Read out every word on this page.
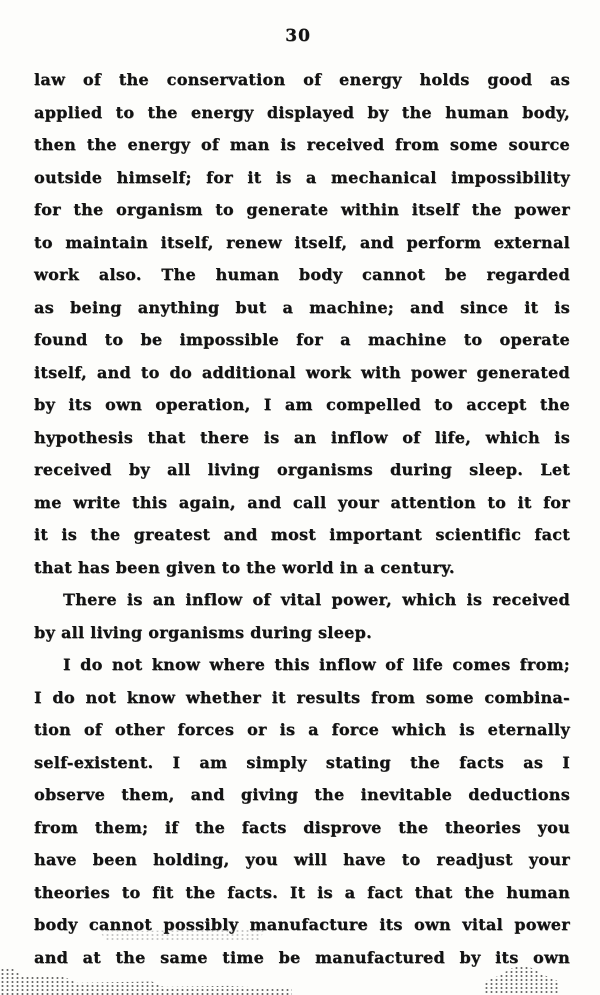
30
law of the conservation of energy holds good as
applied to the energy displayed by the human body,
then the energy of man is received from some source
outside himself; for it is a mechanical impossibility
for the organism to generate within itself the power
to maintain itself, renew itself, and perform external
work also. The human body cannot be regarded
as being anything but a machine; and since it is
found to be impossible for a machine to operate
itself, and to do additional work with power generated
by its own operation, I am compelled to accept the
hypothesis that there is an inflow of life, which is
received by all living organisms during sleep. Let
me write this again, and call your attention to it for
it is the greatest and most important scientific fact
that has been given to the world in a century.
There is an inflow of vital power, which is received
by all living organisms during sleep.
I do not know where this inflow of life comes from;
I do not know whether it results from some combina-
tion of other forces or is a force which is eternally
self-existent. I am simply stating the facts as I
observe them, and giving the inevitable deductions
from them; if the facts disprove the theories you
have been holding, you will have to readjust your
theories to fit the facts. It is a fact that the human
body cannot possibly manufacture its own vital power
and at the same time be manufactured by its own
